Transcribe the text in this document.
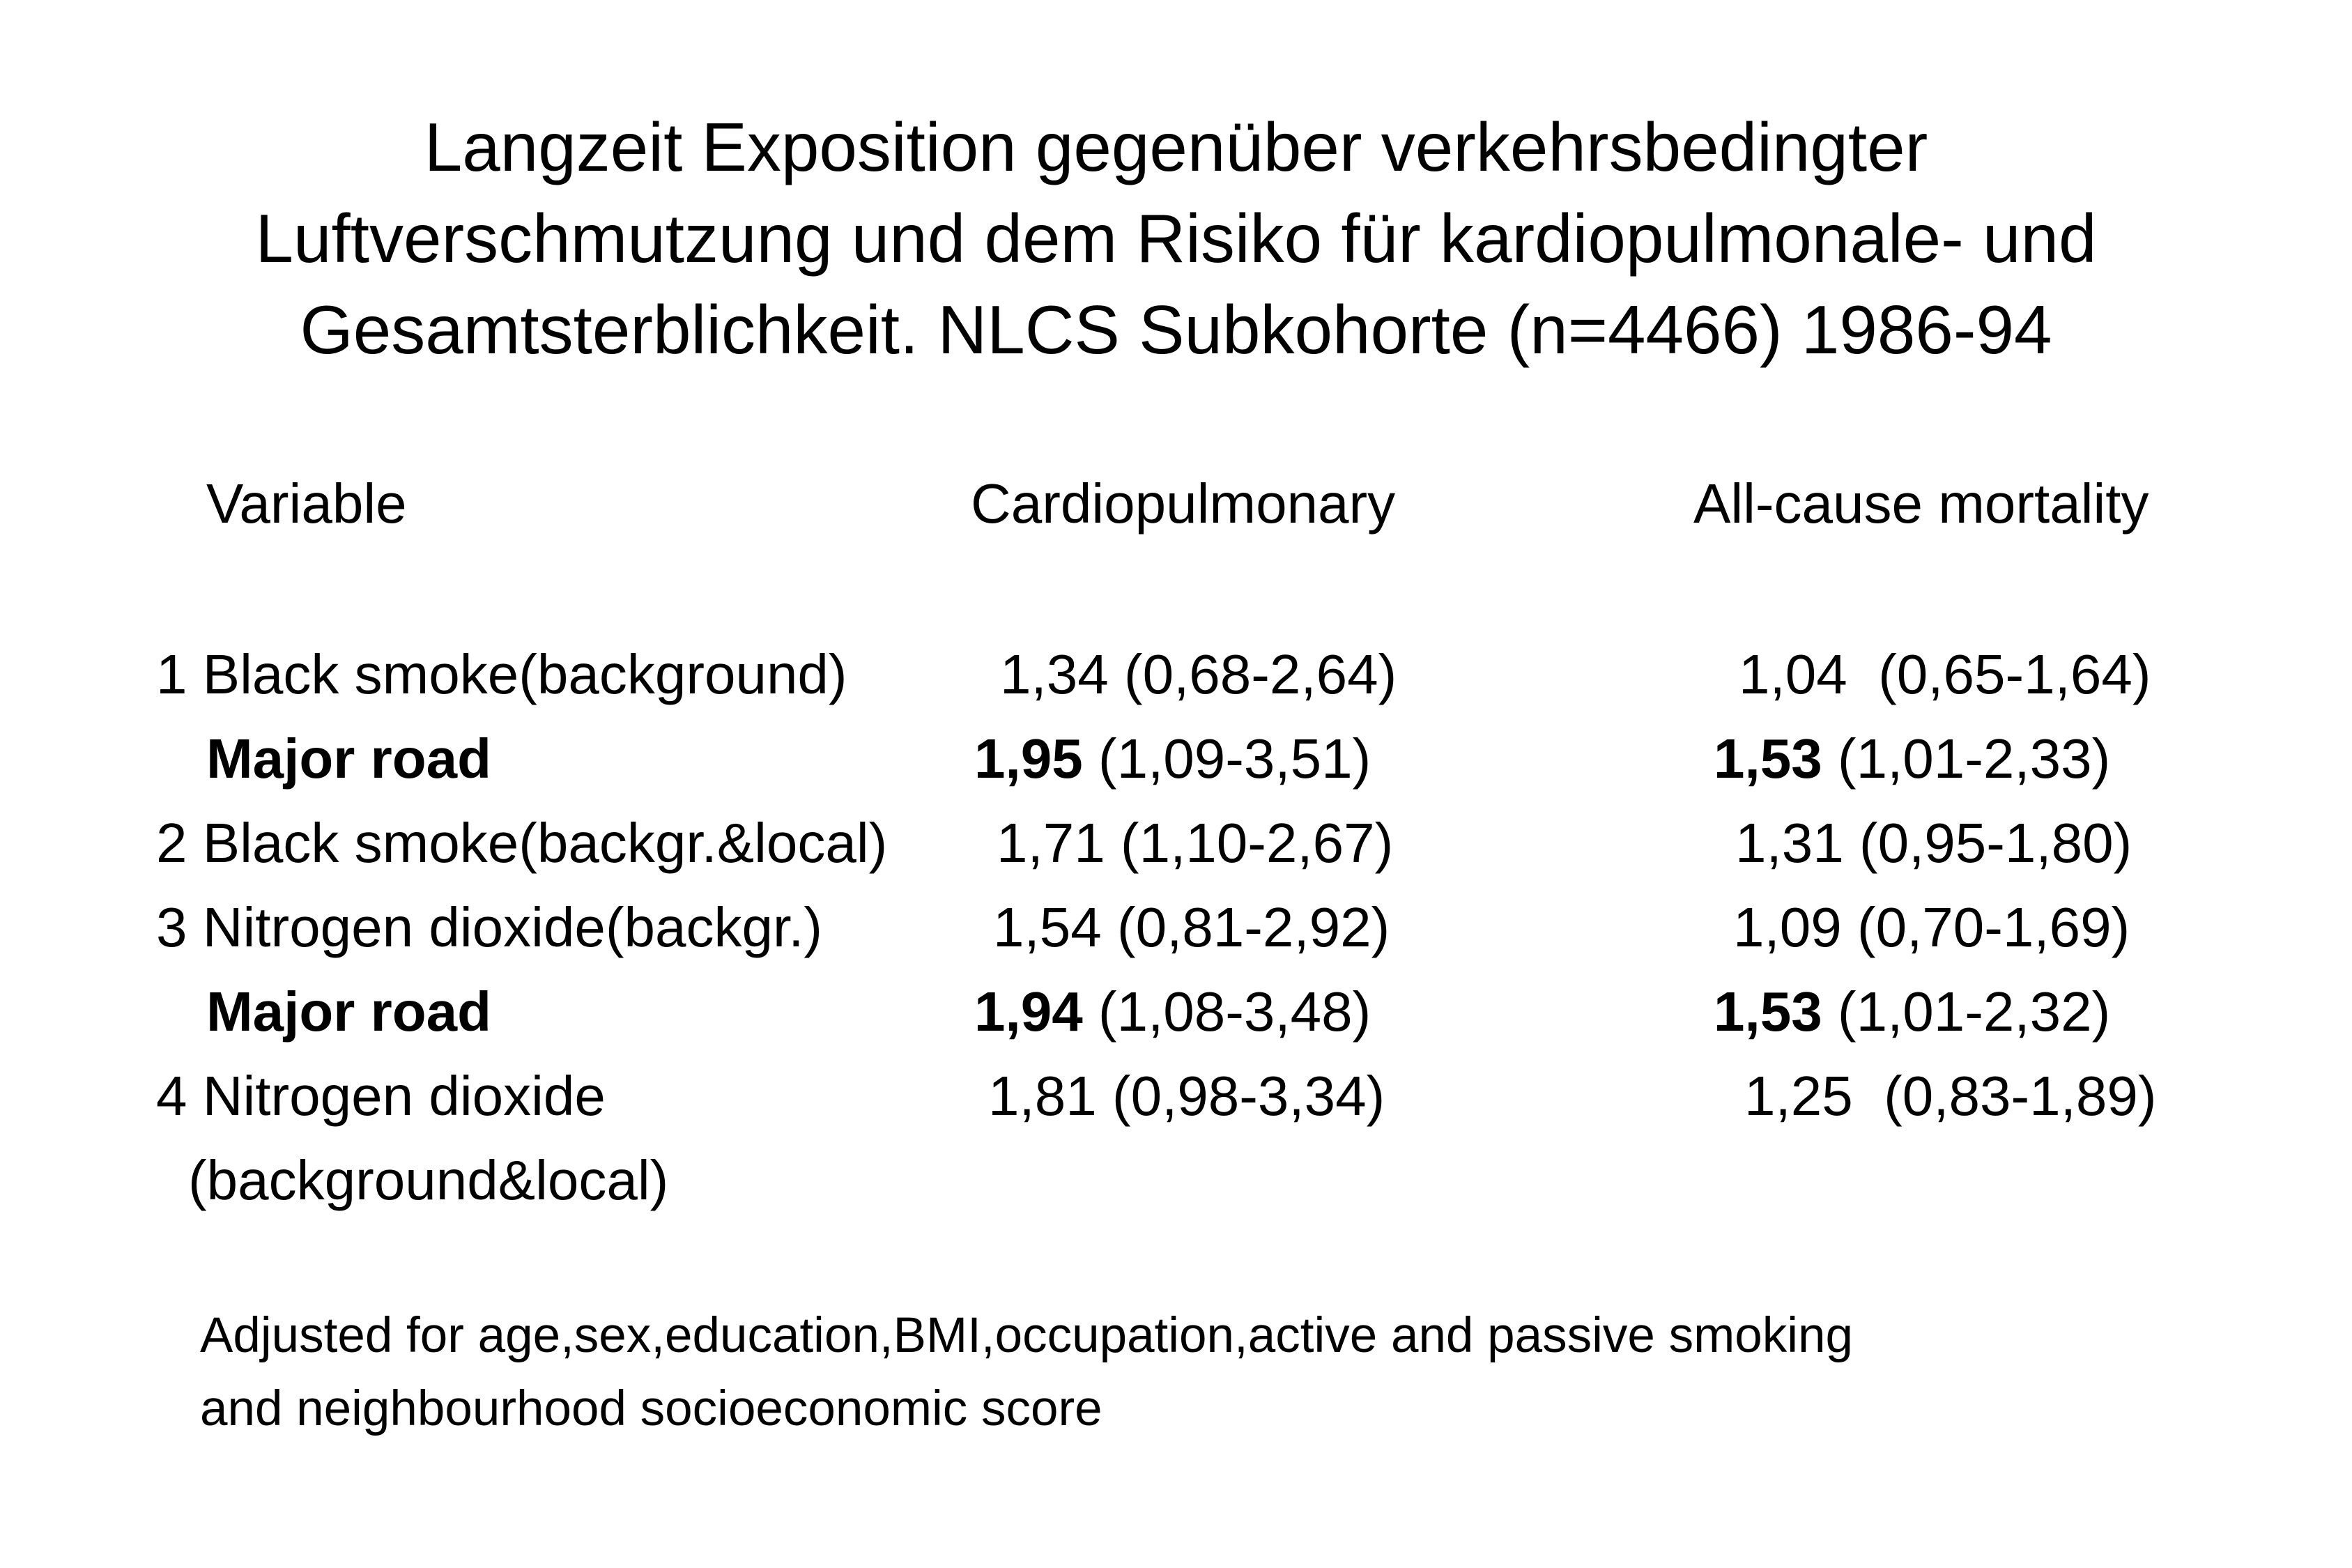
Langzeit Exposition gegenüber verkehrsbedingter
Luftverschmutzung und dem Risiko für kardiopulmonale- und
Gesamtsterblichkeit. NLCS Subkohorte (n=4466) 1986-94
Variable	Cardiopulmonary	All-cause mortality
1 Black smoke(background)	1,34 (0,68-2,64)	1,04  (0,65-1,64)
Major road	1,95 (1,09-3,51)	1,53 (1,01-2,33)
2 Black smoke(backgr.&local) 1,71 (1,10-2,67)	1,31 (0,95-1,80)
3 Nitrogen dioxide(backgr.)	1,54 (0,81-2,92)	1,09 (0,70-1,69)
Major road	1,94 (1,08-3,48)	1,53 (1,01-2,32)
4 Nitrogen dioxide	1,81 (0,98-3,34)	1,25  (0,83-1,89)
(background&local)
Adjusted for age,sex,education,BMI,occupation,active and passive smoking
and neighbourhood socioeconomic score
